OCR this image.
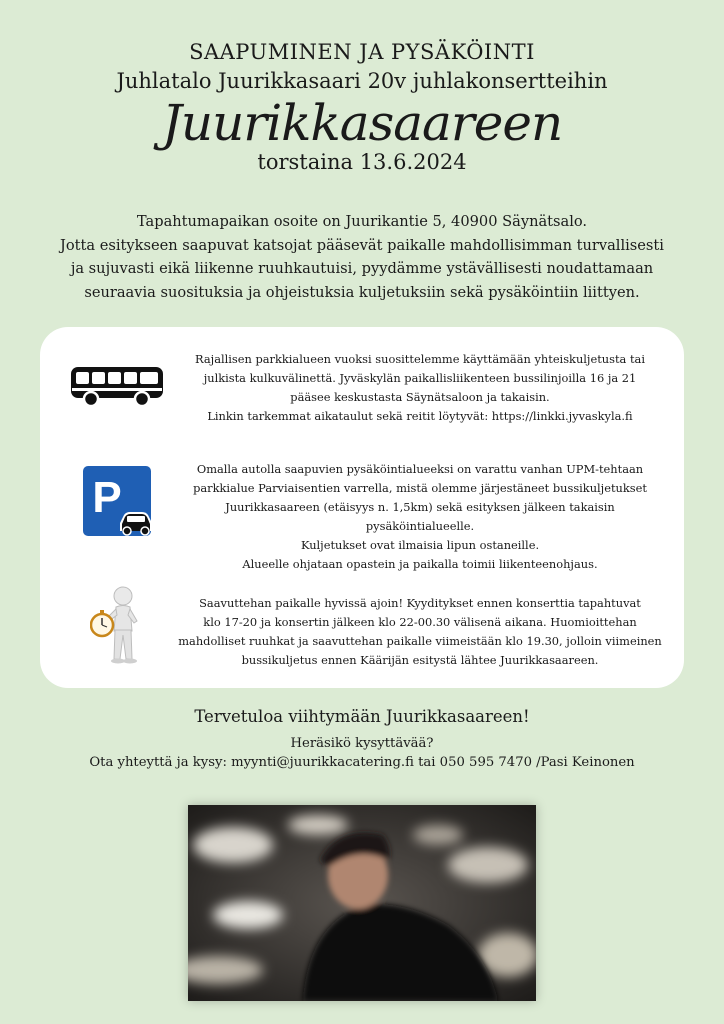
SAAPUMINEN JA PYSÄKÖINTI
Juhlatalo Juurikkasaari 20v juhlakonsertteihin
Juurikkasaareen
torstaina 13.6.2024
Tapahtumapaikan osoite on Juurikantie 5, 40900 Säynätsalo.
Jotta esitykseen saapuvat katsojat pääsevät paikalle mahdollisimman turvallisesti
ja sujuvasti eikä liikenne ruuhkautuisi, pyydämme ystävällisesti noudattamaan
seuraavia suosituksia ja ohjeistuksia kuljetuksiin sekä pysäköintiin liittyen.
Rajallisen parkkialueen vuoksi suosittelemme käyttämään yhteiskuljetusta tai
julkista kulkuvälinettä. Jyväskylän paikallisliikenteen bussilinjoilla 16 ja 21
pääsee keskustasta Säynätsaloon ja takaisin.
Linkin tarkemmat aikataulut sekä reitit löytyvät: https://linkki.jyvaskyla.fi
P
Omalla autolla saapuvien pysäköintialueeksi on varattu vanhan UPM-tehtaan
parkkialue Parviaisentien varrella, mistä olemme järjestäneet bussikuljetukset
Juurikkasaareen (etäisyys n. 1,5km) sekä esityksen jälkeen takaisin pysäköintialueelle.
Kuljetukset ovat ilmaisia lipun ostaneille.
Alueelle ohjataan opastein ja paikalla toimii liikenteenohjaus.
Saavuttehan paikalle hyvissä ajoin! Kyyditykset ennen konserttia tapahtuvat
klo 17-20 ja konsertin jälkeen klo 22-00.30 välisenä aikana. Huomioittehan
mahdolliset ruuhkat ja saavuttehan paikalle viimeistään klo 19.30, jolloin viimeinen
bussikuljetus ennen Käärijän esitystä lähtee Juurikkasaareen.
Tervetuloa viihtymään Juurikkasaareen!
Heräsikö kysyttävää?
Ota yhteyttä ja kysy: myynti@juurikkacatering.fi tai 050 595 7470 /Pasi Keinonen
